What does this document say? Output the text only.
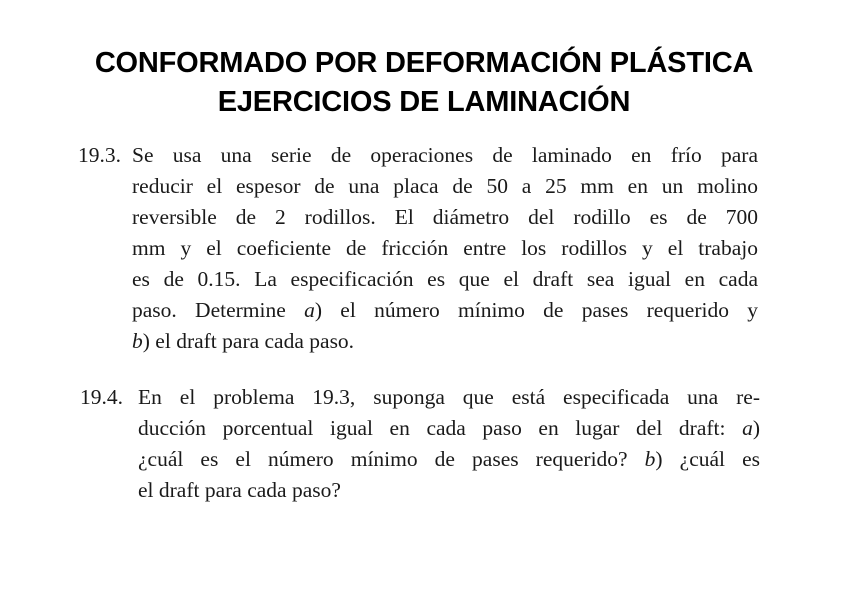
CONFORMADO POR DEFORMACIÓN PLÁSTICA
EJERCICIOS DE LAMINACIÓN
19.3. Se usa una serie de operaciones de laminado en frío para
reducir el espesor de una placa de 50 a 25 mm en un molino
reversible de 2 rodillos. El diámetro del rodillo es de 700
mm y el coeficiente de fricción entre los rodillos y el trabajo
es de 0.15. La especificación es que el draft sea igual en cada
paso. Determine a) el número mínimo de pases requerido y
b) el draft para cada paso.
19.4. En el problema 19.3, suponga que está especificada una re-
ducción porcentual igual en cada paso en lugar del draft: a)
¿cuál es el número mínimo de pases requerido? b) ¿cuál es
el draft para cada paso?
